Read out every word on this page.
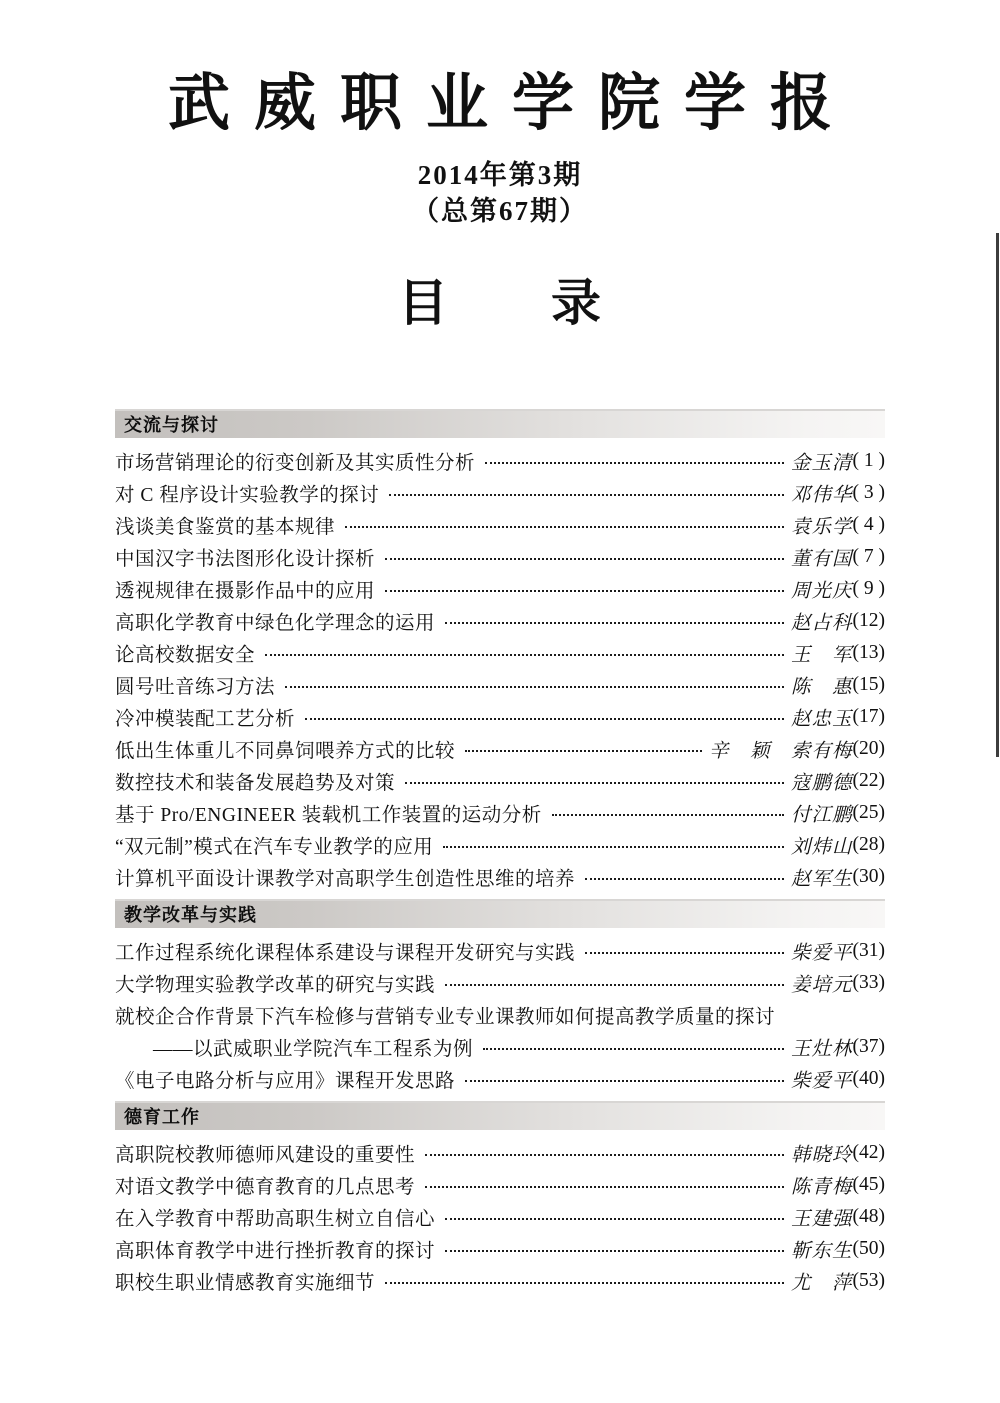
武威职业学院学报
2014年第3期
（总第67期）
目　　录
交流与探讨
市场营销理论的衍变创新及其实质性分析	金玉清 ( 1 )
对 C 程序设计实验教学的探讨	邓伟华 ( 3 )
浅谈美食鉴赏的基本规律	袁乐学 ( 4 )
中国汉字书法图形化设计探析	董有国 ( 7 )
透视规律在摄影作品中的应用	周光庆 ( 9 )
高职化学教育中绿色化学理念的运用	赵占科 (12)
论高校数据安全	王　军 (13)
圆号吐音练习方法	陈　惠 (15)
冷冲模装配工艺分析	赵忠玉 (17)
低出生体重儿不同鼻饲喂养方式的比较	辛　颖　索有梅 (20)
数控技术和装备发展趋势及对策	寇鹏德 (22)
基于 Pro/ENGINEER 装载机工作装置的运动分析	付江鹏 (25)
“双元制”模式在汽车专业教学的应用	刘炜山 (28)
计算机平面设计课教学对高职学生创造性思维的培养	赵军生 (30)
教学改革与实践
工作过程系统化课程体系建设与课程开发研究与实践	柴爱平 (31)
大学物理实验教学改革的研究与实践	姜培元 (33)
就校企合作背景下汽车检修与营销专业专业课教师如何提高教学质量的探讨
——以武威职业学院汽车工程系为例	王灶林 (37)
《电子电路分析与应用》课程开发思路	柴爱平 (40)
德育工作
高职院校教师德师风建设的重要性	韩晓玲 (42)
对语文教学中德育教育的几点思考	陈青梅 (45)
在入学教育中帮助高职生树立自信心	王建强 (48)
高职体育教学中进行挫折教育的探讨	靳东生 (50)
职校生职业情感教育实施细节	尤　萍 (53)
